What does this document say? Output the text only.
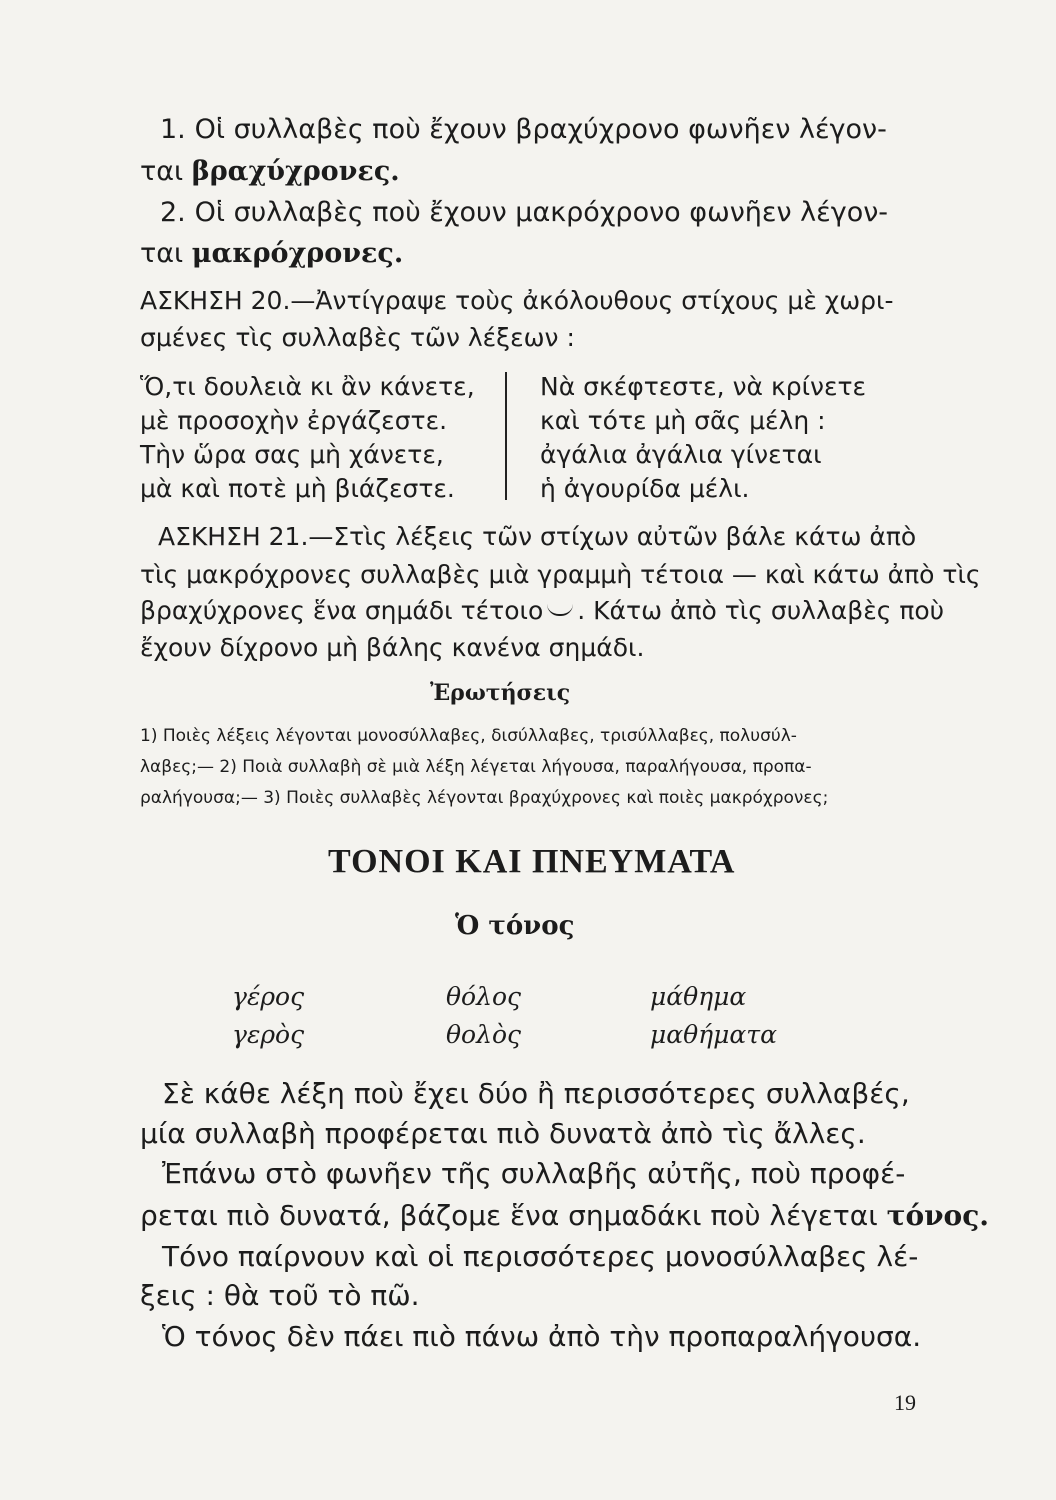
1. Οἱ συλλαβὲς ποὺ ἔχουν βραχύχρονο φωνῆεν λέγον-
ται βραχύχρονες.
2. Οἱ συλλαβὲς ποὺ ἔχουν μακρόχρονο φωνῆεν λέγον-
ται μακρόχρονες.
ΑΣΚΗΣΗ 20.—Ἀντίγραψε τοὺς ἀκόλουθους στίχους μὲ χωρι-
σμένες τὶς συλλαβὲς τῶν λέξεων :
Ὅ,τι δουλειὰ κι ἂν κάνετε,
μὲ προσοχὴν ἐργάζεστε.
Τὴν ὥρα σας μὴ χάνετε,
μὰ καὶ ποτὲ μὴ βιάζεστε.
Νὰ σκέφτεστε, νὰ κρίνετε
καὶ τότε μὴ σᾶς μέλη :
ἀγάλια ἀγάλια γίνεται
ἡ ἀγουρίδα μέλι.
ΑΣΚΗΣΗ 21.—Στὶς λέξεις τῶν στίχων αὐτῶν βάλε κάτω ἀπὸ
τὶς μακρόχρονες συλλαβὲς μιὰ γραμμὴ τέτοια — καὶ κάτω ἀπὸ τὶς
βραχύχρονες ἕνα σημάδι τέτοιο . Κάτω ἀπὸ τὶς συλλαβὲς ποὺ
ἔχουν δίχρονο μὴ βάλης κανένα σημάδι.
Ἐρωτήσεις
1) Ποιὲς λέξεις λέγονται μονοσύλλαβες, δισύλλαβες, τρισύλλαβες, πολυσύλ-
λαβες;— 2) Ποιὰ συλλαβὴ σὲ μιὰ λέξη λέγεται λήγουσα, παραλήγουσα, προπα-
ραλήγουσα;— 3) Ποιὲς συλλαβὲς λέγονται βραχύχρονες καὶ ποιὲς μακρόχρονες;
ΤΟΝΟΙ ΚΑΙ ΠΝΕΥΜΑΤΑ
Ὁ τόνος
γέρος
γερὸς
θόλος
θολὸς
μάθημα
μαθήματα
Σὲ κάθε λέξη ποὺ ἔχει δύο ἢ περισσότερες συλλαβές,
μία συλλαβὴ προφέρεται πιὸ δυνατὰ ἀπὸ τὶς ἄλλες.
Ἐπάνω στὸ φωνῆεν τῆς συλλαβῆς αὐτῆς, ποὺ προφέ-
ρεται πιὸ δυνατά, βάζομε ἕνα σημαδάκι ποὺ λέγεται τόνος.
Τόνο παίρνουν καὶ οἱ περισσότερες μονοσύλλαβες λέ-
ξεις : θὰ τοῦ τὸ πῶ.
Ὁ τόνος δὲν πάει πιὸ πάνω ἀπὸ τὴν προπαραλήγουσα.
19
